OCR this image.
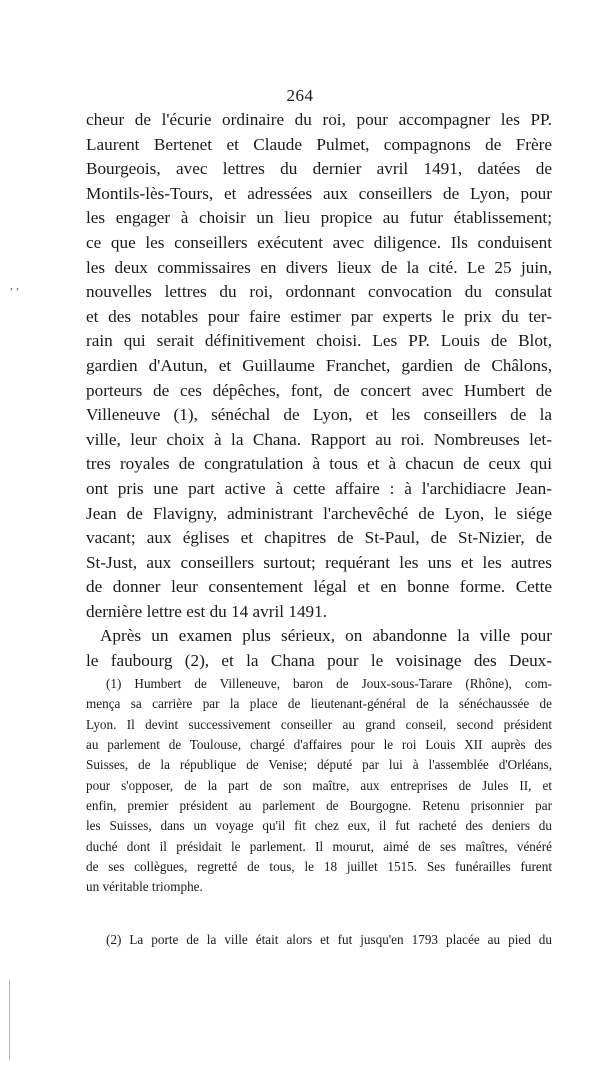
, ,
264

cheur de l'écurie ordinaire du roi, pour accompagner les PP.
Laurent Bertenet et Claude Pulmet, compagnons de Frère
Bourgeois, avec lettres du dernier avril 1491, datées de
Montils-lès-Tours, et adressées aux conseillers de Lyon, pour
les engager à choisir un lieu propice au futur établissement;
ce que les conseillers exécutent avec diligence. Ils conduisent
les deux commissaires en divers lieux de la cité. Le 25 juin,
nouvelles lettres du roi, ordonnant convocation du consulat
et des notables pour faire estimer par experts le prix du ter-
rain qui serait définitivement choisi. Les PP. Louis de Blot,
gardien d'Autun, et Guillaume Franchet, gardien de Châlons,
porteurs de ces dépêches, font, de concert avec Humbert de
Villeneuve (1), sénéchal de Lyon, et les conseillers de la
ville, leur choix à la Chana. Rapport au roi. Nombreuses let-
tres royales de congratulation à tous et à chacun de ceux qui
ont pris une part active à cette affaire : à l'archidiacre Jean-
Jean de Flavigny, administrant l'archevêché de Lyon, le siége
vacant; aux églises et chapitres de St-Paul, de St-Nizier, de
St-Just, aux conseillers surtout; requérant les uns et les autres
de donner leur consentement légal et en bonne forme. Cette
dernière lettre est du 14 avril 1491.

Après un examen plus sérieux, on abandonne la ville pour
le faubourg (2), et la Chana pour le voisinage des Deux-

(1) Humbert de Villeneuve, baron de Joux-sous-Tarare (Rhône), com-
mença sa carrière par la place de lieutenant-général de la sénéchaussée de
Lyon. Il devint successivement conseiller au grand conseil, second président
au parlement de Toulouse, chargé d'affaires pour le roi Louis XII auprès des
Suisses, de la république de Venise; député par lui à l'assemblée d'Orléans,
pour s'opposer, de la part de son maître, aux entreprises de Jules II, et
enfin, premier président au parlement de Bourgogne. Retenu prisonnier par
les Suisses, dans un voyage qu'il fit chez eux, il fut racheté des deniers du
duché dont il présidait le parlement. Il mourut, aimé de ses maîtres, vénéré
de ses collègues, regretté de tous, le 18 juillet 1515. Ses funérailles furent
un véritable triomphe.

(2) La porte de la ville était alors et fut jusqu'en 1793 placée au pied du
